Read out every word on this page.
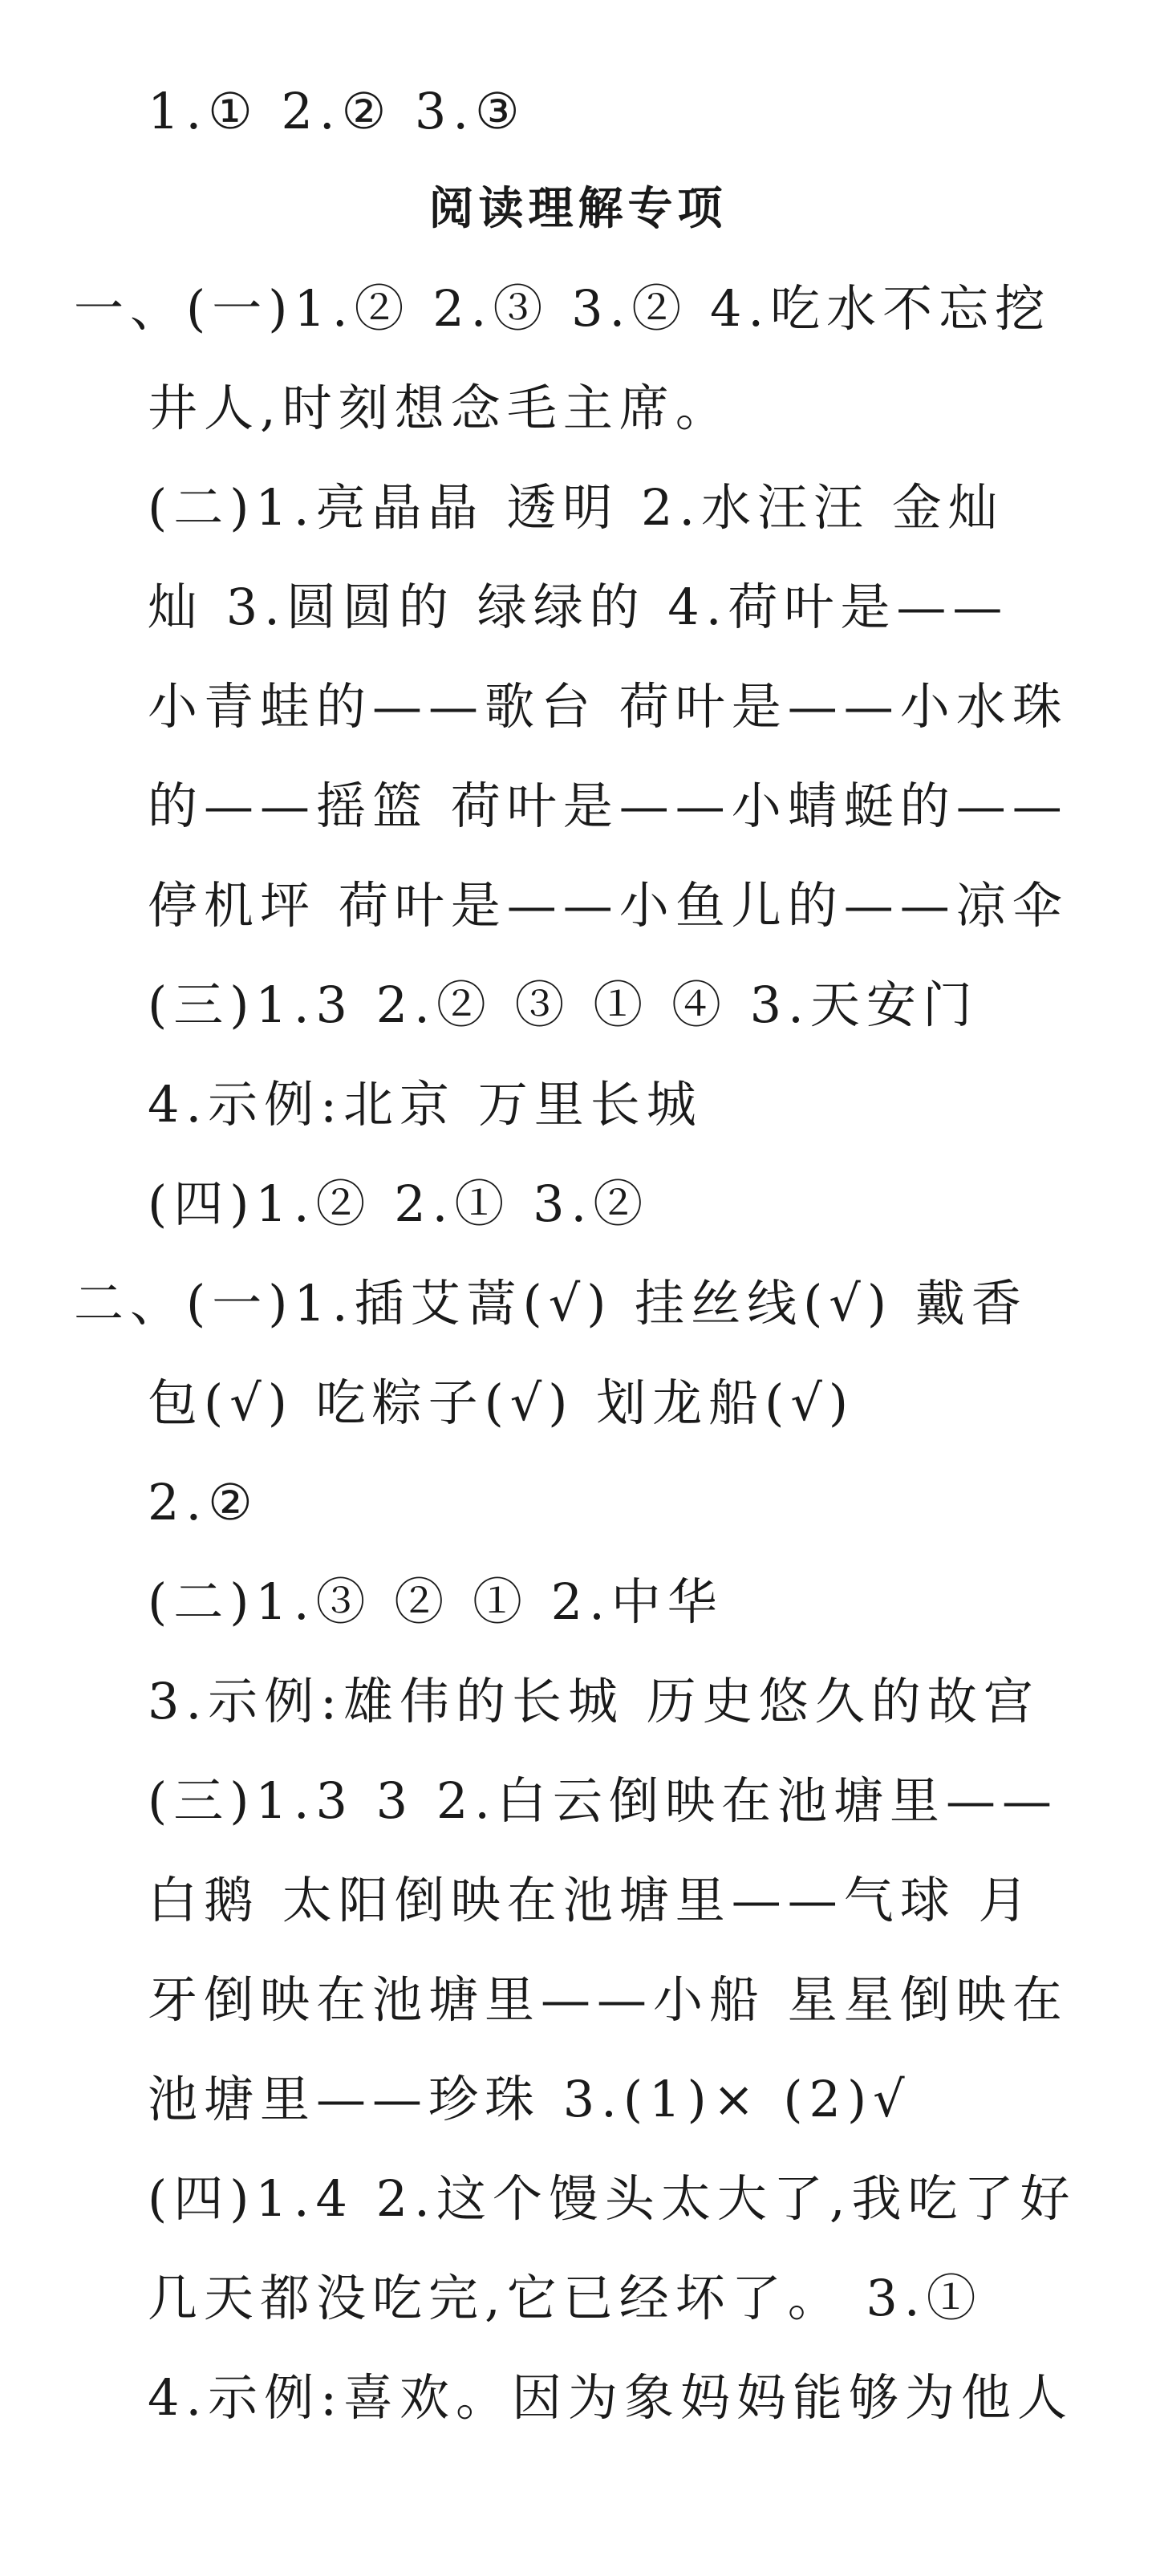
1.① 2.② 3.③
阅读理解专项
一、(一)1.② 2.③ 3.② 4.吃水不忘挖
井人,时刻想念毛主席。
(二)1.亮晶晶 透明 2.水汪汪 金灿
灿 3.圆圆的 绿绿的 4.荷叶是——
小青蛙的——歌台 荷叶是——小水珠
的——摇篮 荷叶是——小蜻蜓的——
停机坪 荷叶是——小鱼儿的——凉伞
(三)1.3 2.② ③ ① ④ 3.天安门
4.示例:北京 万里长城
(四)1.② 2.① 3.②
二、(一)1.插艾蒿(√) 挂丝线(√) 戴香
包(√) 吃粽子(√) 划龙船(√)
2.②
(二)1.③ ② ① 2.中华
3.示例:雄伟的长城 历史悠久的故宫
(三)1.3 3 2.白云倒映在池塘里——
白鹅 太阳倒映在池塘里——气球 月
牙倒映在池塘里——小船 星星倒映在
池塘里——珍珠 3.(1)× (2)√
(四)1.4 2.这个馒头太大了,我吃了好
几天都没吃完,它已经坏了。 3.①
4.示例:喜欢。因为象妈妈能够为他人
